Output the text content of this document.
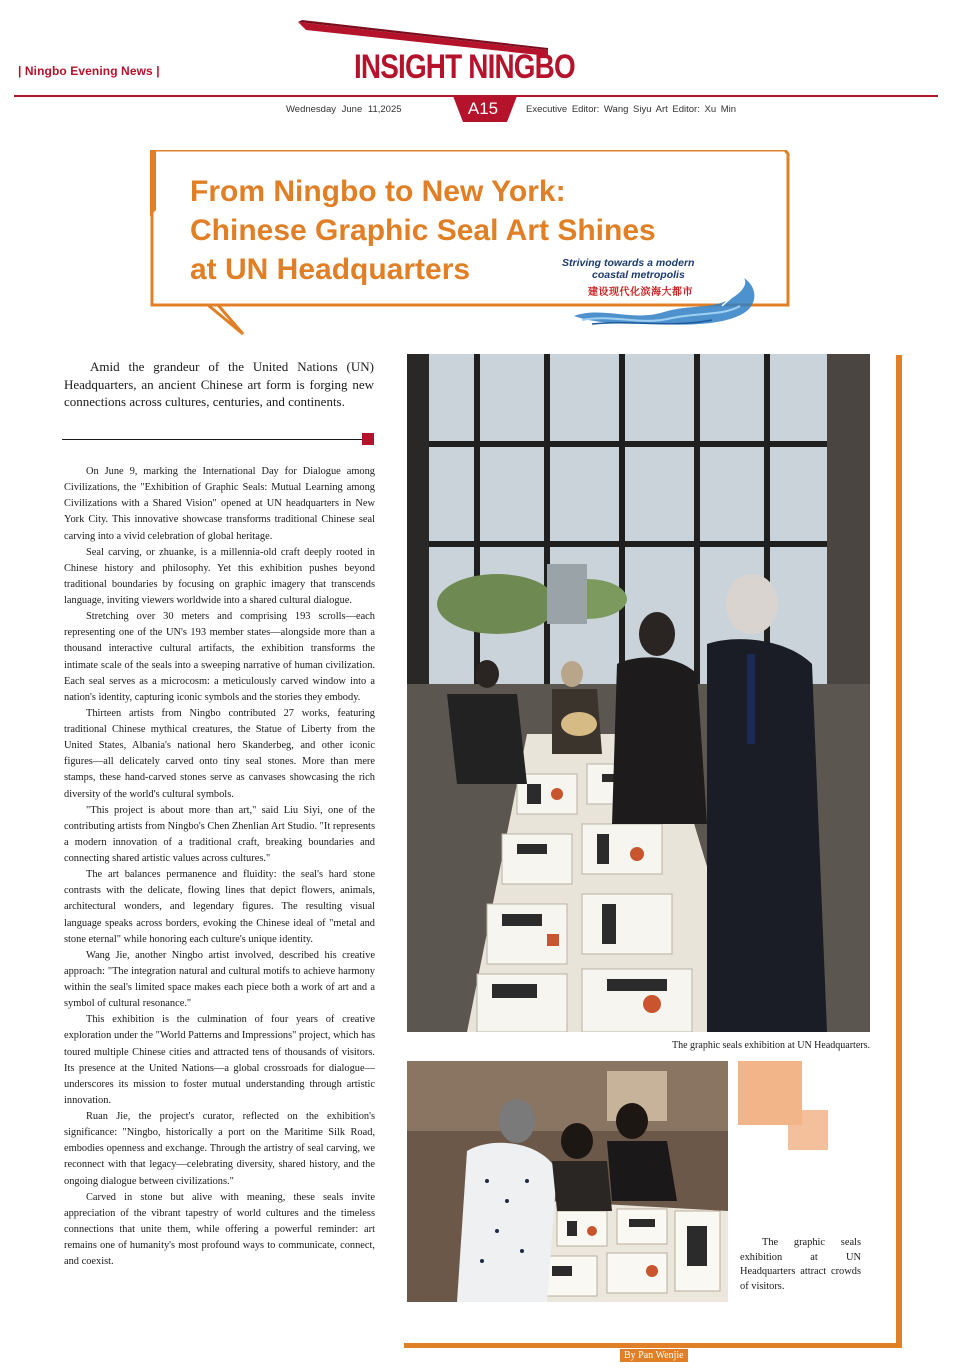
| Ningbo Evening News |	INSIGHT NINGBO
Wednesday June 11,2025	A15	Executive Editor: Wang Siyu Art Editor: Xu Min
From Ningbo to New York:
Chinese Graphic Seal Art Shines
at UN Headquarters	Striving towards a modern
coastal metropolis
建设现代化滨海大都市

Amid the grandeur of the United Nations (UN) Headquarters, an ancient Chinese art form is forging new connections across cultures, centuries, and continents.

On June 9, marking the International Day for Dialogue among Civilizations, the "Exhibition of Graphic Seals: Mutual Learning among Civilizations with a Shared Vision" opened at UN headquarters in New York City. This innovative showcase transforms traditional Chinese seal carving into a vivid celebration of global heritage.

Seal carving, or zhuanke, is a millennia-old craft deeply rooted in Chinese history and philosophy. Yet this exhibition pushes beyond traditional boundaries by focusing on graphic imagery that transcends language, inviting viewers worldwide into a shared cultural dialogue.

Stretching over 30 meters and comprising 193 scrolls—each representing one of the UN's 193 member states—alongside more than a thousand interactive cultural artifacts, the exhibition transforms the intimate scale of the seals into a sweeping narrative of human civilization. Each seal serves as a microcosm: a meticulously carved window into a nation's identity, capturing iconic symbols and the stories they embody.

Thirteen artists from Ningbo contributed 27 works, featuring traditional Chinese mythical creatures, the Statue of Liberty from the United States, Albania's national hero Skanderbeg, and other iconic figures—all delicately carved onto tiny seal stones. More than mere stamps, these hand-carved stones serve as canvases showcasing the rich diversity of the world's cultural symbols.

"This project is about more than art," said Liu Siyi, one of the contributing artists from Ningbo's Chen Zhenlian Art Studio. "It represents a modern innovation of a traditional craft, breaking boundaries and connecting shared artistic values across cultures."

The art balances permanence and fluidity: the seal's hard stone contrasts with the delicate, flowing lines that depict flowers, animals, architectural wonders, and legendary figures. The resulting visual language speaks across borders, evoking the Chinese ideal of "metal and stone eternal" while honoring each culture's unique identity.

Wang Jie, another Ningbo artist involved, described his creative approach: "The integration natural and cultural motifs to achieve harmony within the seal's limited space makes each piece both a work of art and a symbol of cultural resonance."

This exhibition is the culmination of four years of creative exploration under the "World Patterns and Impressions" project, which has toured multiple Chinese cities and attracted tens of thousands of visitors. Its presence at the United Nations—a global crossroads for dialogue—underscores its mission to foster mutual understanding through artistic innovation.

Ruan Jie, the project's curator, reflected on the exhibition's significance: "Ningbo, historically a port on the Maritime Silk Road, embodies openness and exchange. Through the artistry of seal carving, we reconnect with that legacy—celebrating diversity, shared history, and the ongoing dialogue between civilizations."

Carved in stone but alive with meaning, these seals invite appreciation of the vibrant tapestry of world cultures and the timeless connections that unite them, while offering a powerful reminder: art remains one of humanity's most profound ways to communicate, connect, and coexist.

By Pan Wenjie
The graphic seals exhibition at UN Headquarters.
The graphic seals exhibition at UN Headquarters attract crowds of visitors.
